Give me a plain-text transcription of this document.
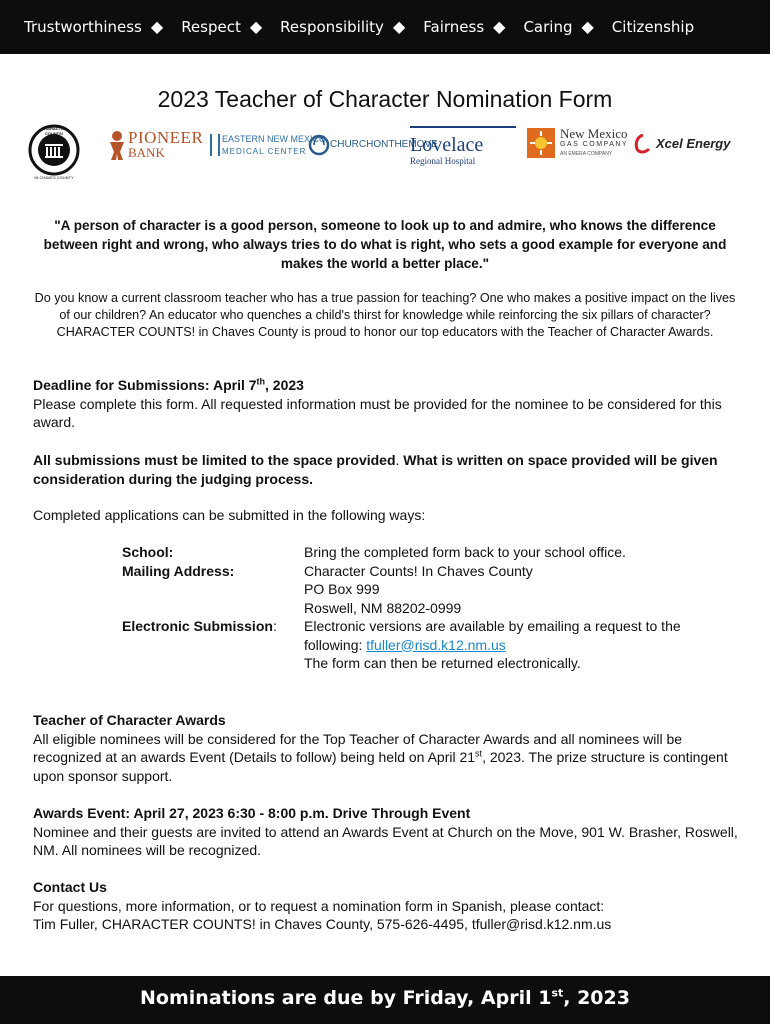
Trustworthiness ◆ Respect ◆ Responsibility ◆ Fairness ◆ Caring ◆ Citizenship
2023 Teacher of Character Nomination Form
CHARACTER COUNTS!
IN CHAVES COUNTY
PIONEER
BANK
EASTERN NEW MEXICO
MEDICAL CENTER
CHURCHONTHEMOVE
Lovelace
Regional Hospital
New Mexico
GAS COMPANY
AN EMERA COMPANY
Xcel Energy
"A person of character is a good person, someone to look up to and admire, who knows the difference between right and wrong, who always tries to do what is right, who sets a good example for everyone and makes the world a better place."
Do you know a current classroom teacher who has a true passion for teaching? One who makes a positive impact on the lives of our children? An educator who quenches a child's thirst for knowledge while reinforcing the six pillars of character? CHARACTER COUNTS! in Chaves County is proud to honor our top educators with the Teacher of Character Awards.
Deadline for Submissions: April 7th, 2023
Please complete this form. All requested information must be provided for the nominee to be considered for this award.
All submissions must be limited to the space provided. What is written on space provided will be given consideration during the judging process.
Completed applications can be submitted in the following ways:
School:	Bring the completed form back to your school office.
Mailing Address:	Character Counts! In Chaves County
PO Box 999
Roswell, NM 88202-0999
Electronic Submission:	Electronic versions are available by emailing a request to the
following: tfuller@risd.k12.nm.us
The form can then be returned electronically.
Teacher of Character Awards
All eligible nominees will be considered for the Top Teacher of Character Awards and all nominees will be recognized at an awards Event (Details to follow) being held on April 21st, 2023. The prize structure is contingent upon sponsor support.
Awards Event: April 27, 2023 6:30 - 8:00 p.m. Drive Through Event
Nominee and their guests are invited to attend an Awards Event at Church on the Move, 901 W. Brasher, Roswell, NM. All nominees will be recognized.
Contact Us
For questions, more information, or to request a nomination form in Spanish, please contact:
Tim Fuller, CHARACTER COUNTS! in Chaves County, 575-626-4495, tfuller@risd.k12.nm.us
Nominations are due by Friday, April 1st, 2023
